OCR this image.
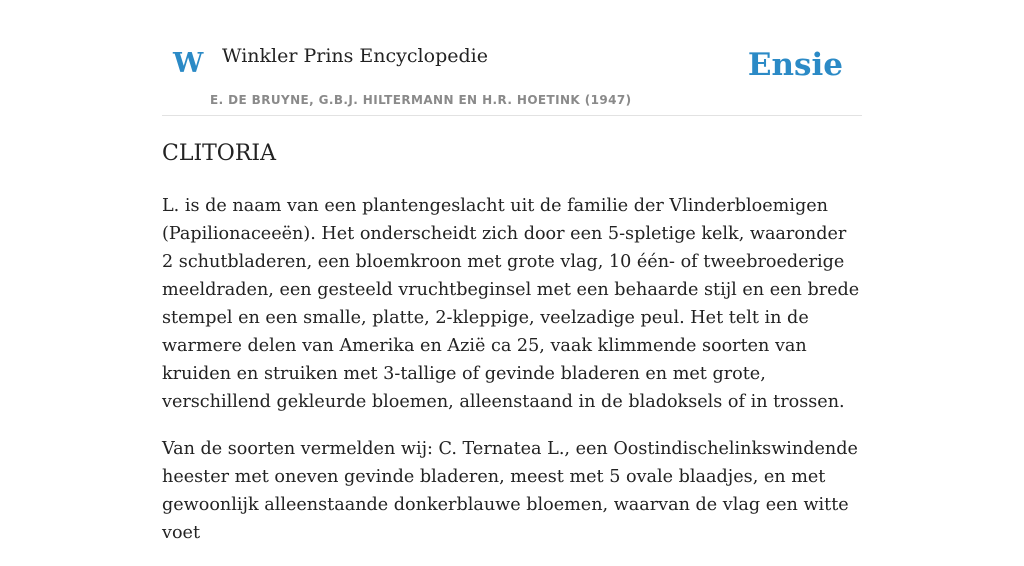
W Winkler Prins Encyclopedie
E. DE BRUYNE, G.B.J. HILTERMANN EN H.R. HOETINK (1947)
Ensie
CLITORIA

L. is de naam van een plantengeslacht uit de familie der Vlinderbloemigen (Papilionaceeën). Het onderscheidt zich door een 5-spletige kelk, waaronder 2 schutbladeren, een bloemkroon met grote vlag, 10 één- of tweebroederige meeldraden, een gesteeld vruchtbeginsel met een behaarde stijl en een brede stempel en een smalle, platte, 2-kleppige, veelzadige peul. Het telt in de warmere delen van Amerika en Azië ca 25, vaak klimmende soorten van kruiden en struiken met 3-tallige of gevinde bladeren en met grote, verschillend gekleurde bloemen, alleenstaand in de bladoksels of in trossen.

Van de soorten vermelden wij: C. Ternatea L., een Oostindischelinkswindende heester met oneven gevinde bladeren, meest met 5 ovale blaadjes, en met gewoonlijk alleenstaande donkerblauwe bloemen, waarvan de vlag een witte voet
